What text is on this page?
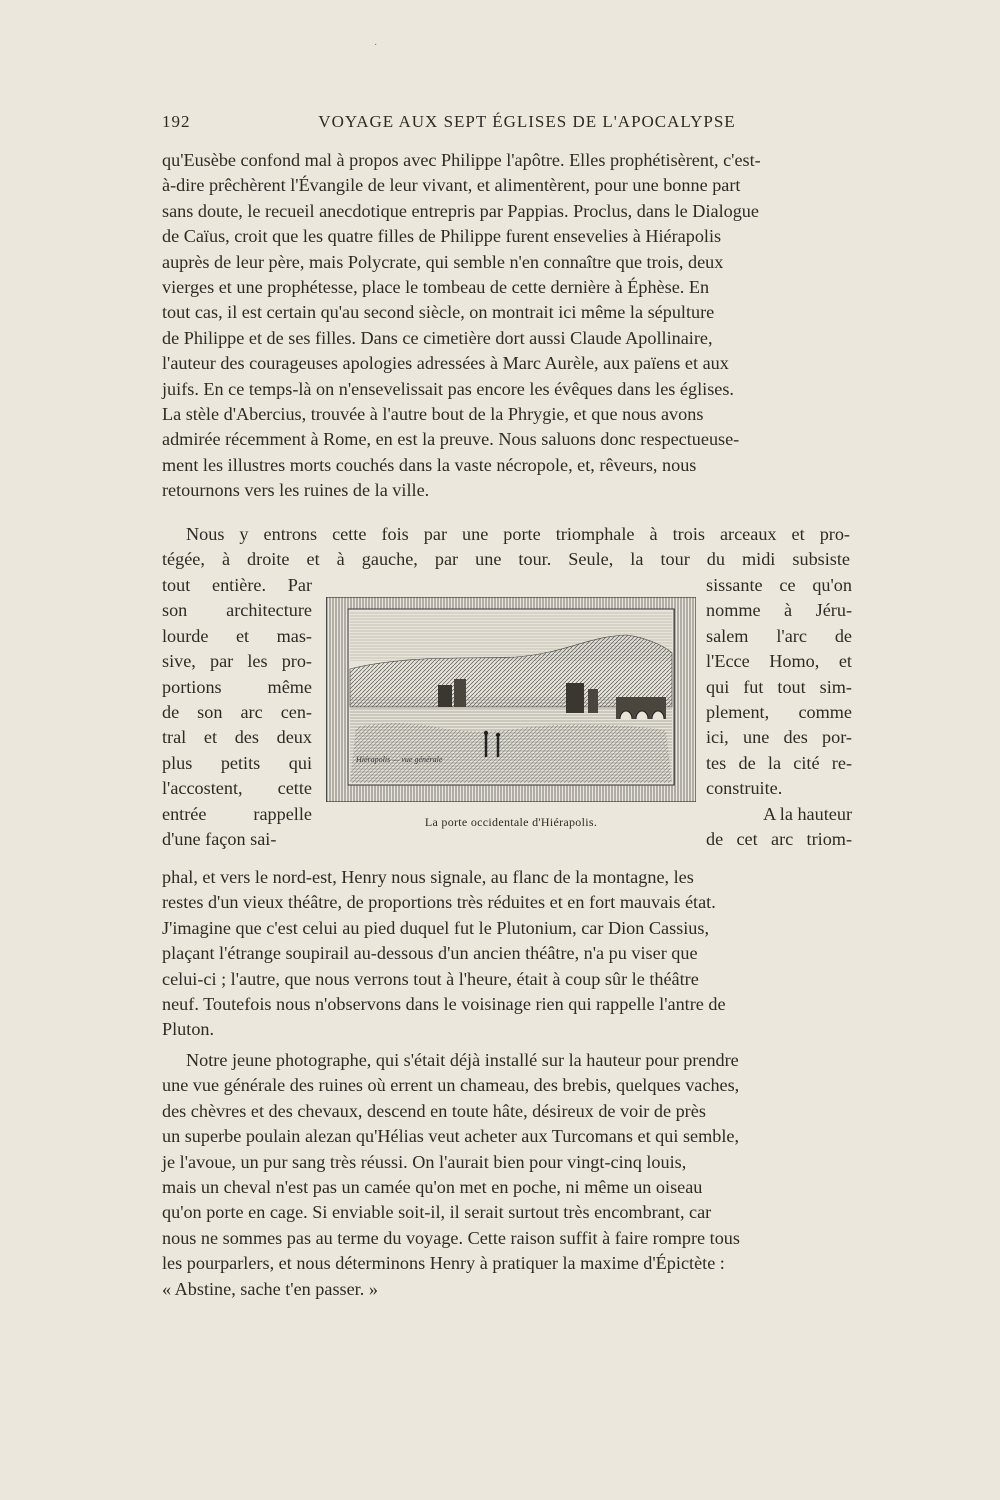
·
192	VOYAGE AUX SEPT ÉGLISES DE L'APOCALYPSE
qu'Eusèbe confond mal à propos avec Philippe l'apôtre. Elles prophétisèrent, c'est-
à-dire prêchèrent l'Évangile de leur vivant, et alimentèrent, pour une bonne part
sans doute, le recueil anecdotique entrepris par Pappias. Proclus, dans le Dialogue
de Caïus, croit que les quatre filles de Philippe furent ensevelies à Hiérapolis
auprès de leur père, mais Polycrate, qui semble n'en connaître que trois, deux
vierges et une prophétesse, place le tombeau de cette dernière à Éphèse. En
tout cas, il est certain qu'au second siècle, on montrait ici même la sépulture
de Philippe et de ses filles. Dans ce cimetière dort aussi Claude Apollinaire,
l'auteur des courageuses apologies adressées à Marc Aurèle, aux païens et aux
juifs. En ce temps-là on n'ensevelissait pas encore les évêques dans les églises.
La stèle d'Abercius, trouvée à l'autre bout de la Phrygie, et que nous avons
admirée récemment à Rome, en est la preuve. Nous saluons donc respectueuse-
ment les illustres morts couchés dans la vaste nécropole, et, rêveurs, nous
retournons vers les ruines de la ville.
Nous y entrons cette fois par une porte triomphale à trois arceaux et pro-
tégée, à droite et à gauche, par une tour. Seule, la tour du midi subsiste
tout entière. Par
son architecture
lourde et mas-
sive, par les pro-
portions même
de son arc cen-
tral et des deux
plus petits qui
l'accostent, cette
entrée rappelle
d'une façon sai-
sissante ce qu'on
nomme à Jéru-
salem l'arc de
l'Ecce Homo, et
qui fut tout sim-
plement, comme
ici, une des por-
tes de la cité re-
construite.
A la hauteur
de cet arc triom-
Hiérapolis — vue générale
La porte occidentale d'Hiérapolis.
phal, et vers le nord-est, Henry nous signale, au flanc de la montagne, les
restes d'un vieux théâtre, de proportions très réduites et en fort mauvais état.
J'imagine que c'est celui au pied duquel fut le Plutonium, car Dion Cassius,
plaçant l'étrange soupirail au-dessous d'un ancien théâtre, n'a pu viser que
celui-ci ; l'autre, que nous verrons tout à l'heure, était à coup sûr le théâtre
neuf. Toutefois nous n'observons dans le voisinage rien qui rappelle l'antre de
Pluton.
Notre jeune photographe, qui s'était déjà installé sur la hauteur pour prendre
une vue générale des ruines où errent un chameau, des brebis, quelques vaches,
des chèvres et des chevaux, descend en toute hâte, désireux de voir de près
un superbe poulain alezan qu'Hélias veut acheter aux Turcomans et qui semble,
je l'avoue, un pur sang très réussi. On l'aurait bien pour vingt-cinq louis,
mais un cheval n'est pas un camée qu'on met en poche, ni même un oiseau
qu'on porte en cage. Si enviable soit-il, il serait surtout très encombrant, car
nous ne sommes pas au terme du voyage. Cette raison suffit à faire rompre tous
les pourparlers, et nous déterminons Henry à pratiquer la maxime d'Épictète :
« Abstine, sache t'en passer. »
